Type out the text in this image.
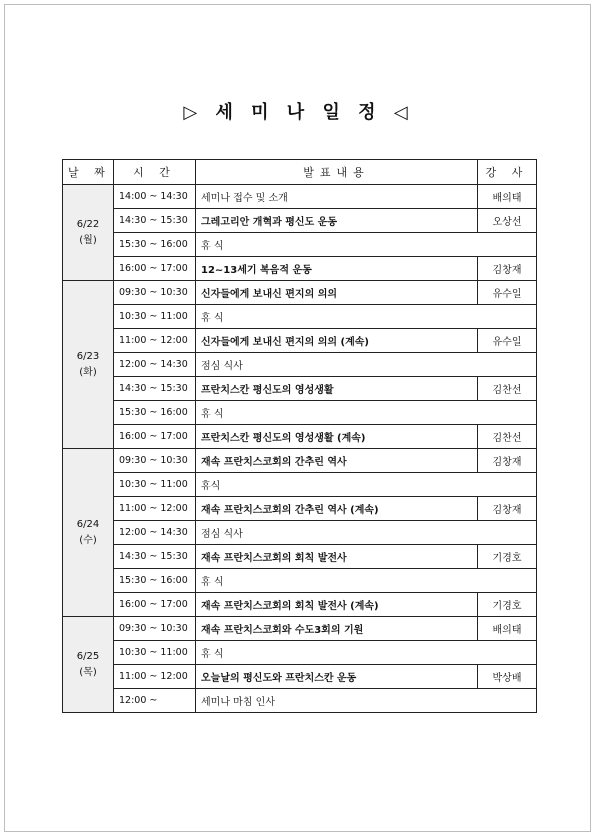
▷ 세 미 나 일 정 ◁
날 짜	시 간	발표내용	강 사

6/22
(월)	14:00 ~ 14:30	세미나 접수 및 소개	배의태
	14:30 ~ 15:30	그레고리안 개혁과 평신도 운동	오상선
	15:30 ~ 16:00	휴 식	
	16:00 ~ 17:00	12~13세기 복음적 운동	김창재

6/23
(화)	09:30 ~ 10:30	신자들에게 보내신 편지의 의의	유수일
	10:30 ~ 11:00	휴 식	
	11:00 ~ 12:00	신자들에게 보내신 편지의 의의 (계속)	유수일
	12:00 ~ 14:30	점심 식사	
	14:30 ~ 15:30	프란치스칸 평신도의 영성생활	김찬선
	15:30 ~ 16:00	휴 식	
	16:00 ~ 17:00	프란치스칸 평신도의 영성생활 (계속)	김찬선

6/24
(수)	09:30 ~ 10:30	재속 프란치스코회의 간추린 역사	김창재
	10:30 ~ 11:00	휴식	
	11:00 ~ 12:00	재속 프란치스코회의 간추린 역사 (계속)	김창재
	12:00 ~ 14:30	점심 식사	
	14:30 ~ 15:30	재속 프란치스코회의 회칙 발전사	기경호
	15:30 ~ 16:00	휴 식	
	16:00 ~ 17:00	재속 프란치스코회의 회칙 발전사 (계속)	기경호

6/25
(목)	09:30 ~ 10:30	재속 프란치스코회와 수도3회의 기원	배의태
	10:30 ~ 11:00	휴 식	
	11:00 ~ 12:00	오늘날의 평신도와 프란치스칸 운동	박상배
	12:00 ~	세미나 마침 인사	
